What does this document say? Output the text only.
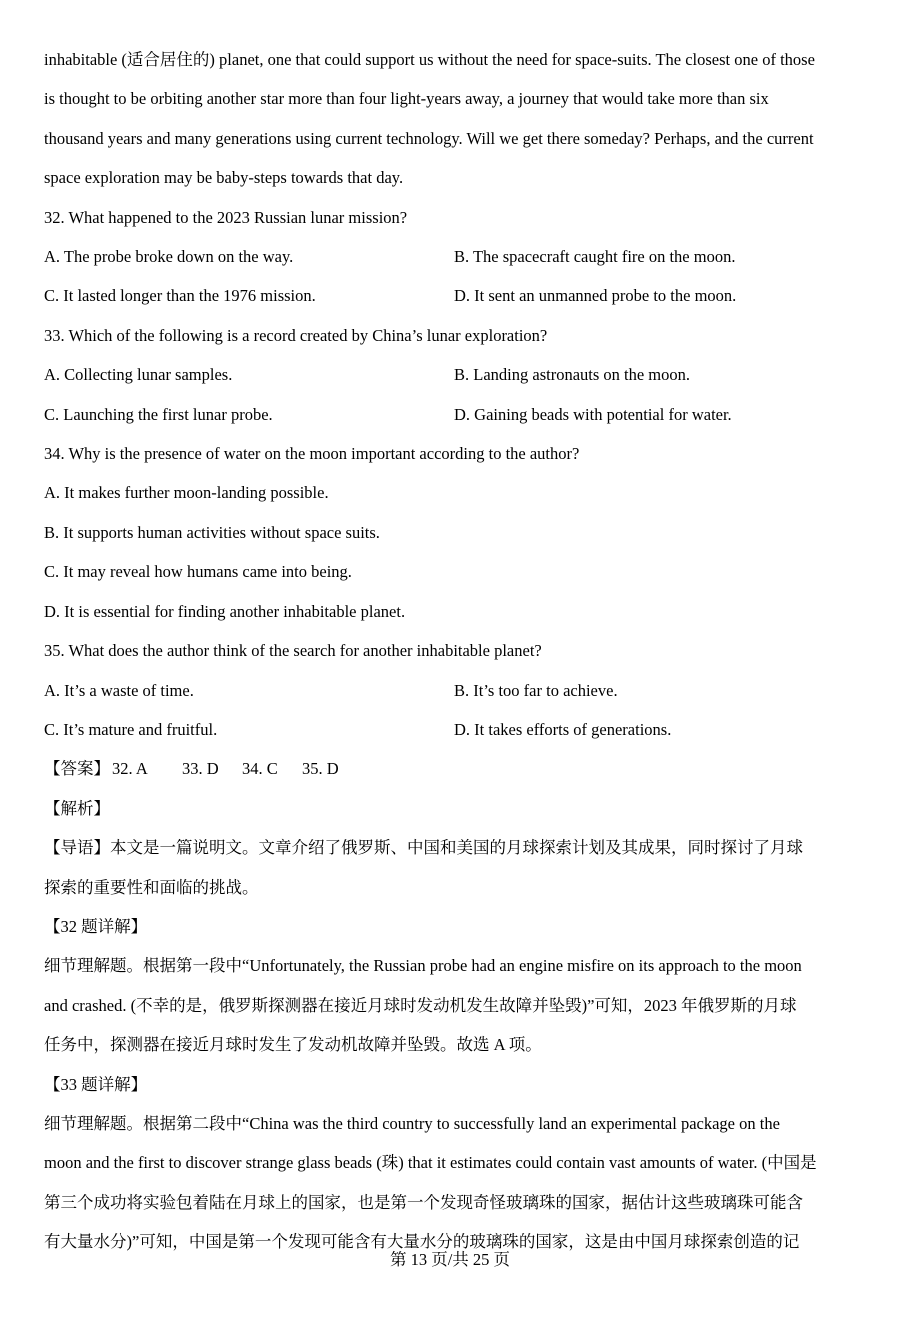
inhabitable (适合居住的) planet, one that could support us without the need for space-suits. The closest one of those
is thought to be orbiting another star more than four light-years away, a journey that would take more than six
thousand years and many generations using current technology. Will we get there someday? Perhaps, and the current
space exploration may be baby-steps towards that day.
32. What happened to the 2023 Russian lunar mission?
A. The probe broke down on the way.	B. The spacecraft caught fire on the moon.
C. It lasted longer than the 1976 mission.	D. It sent an unmanned probe to the moon.
33. Which of the following is a record created by China’s lunar exploration?
A. Collecting lunar samples.	B. Landing astronauts on the moon.
C. Launching the first lunar probe.	D. Gaining beads with potential for water.
34. Why is the presence of water on the moon important according to the author?
A. It makes further moon-landing possible.
B. It supports human activities without space suits.
C. It may reveal how humans came into being.
D. It is essential for finding another inhabitable planet.
35. What does the author think of the search for another inhabitable planet?
A. It’s a waste of time.	B. It’s too far to achieve.
C. It’s mature and fruitful.	D. It takes efforts of generations.
【答案】 32. A	33. D	34. C	35. D
【解析】
【导语】本文是一篇说明文。文章介绍了俄罗斯、中国和美国的月球探索计划及其成果，同时探讨了月球
探索的重要性和面临的挑战。
【32 题详解】
细节理解题。根据第一段中“Unfortunately, the Russian probe had an engine misfire on its approach to the moon
and crashed. (不幸的是，俄罗斯探测器在接近月球时发动机发生故障并坠毁)”可知，2023 年俄罗斯的月球
任务中，探测器在接近月球时发生了发动机故障并坠毁。故选 A 项。
【33 题详解】
细节理解题。根据第二段中“China was the third country to successfully land an experimental package on the
moon and the first to discover strange glass beads (珠) that it estimates could contain vast amounts of water. (中国是
第三个成功将实验包着陆在月球上的国家，也是第一个发现奇怪玻璃珠的国家，据估计这些玻璃珠可能含
有大量水分)”可知，中国是第一个发现可能含有大量水分的玻璃珠的国家，这是由中国月球探索创造的记
第 13 页/共 25 页
